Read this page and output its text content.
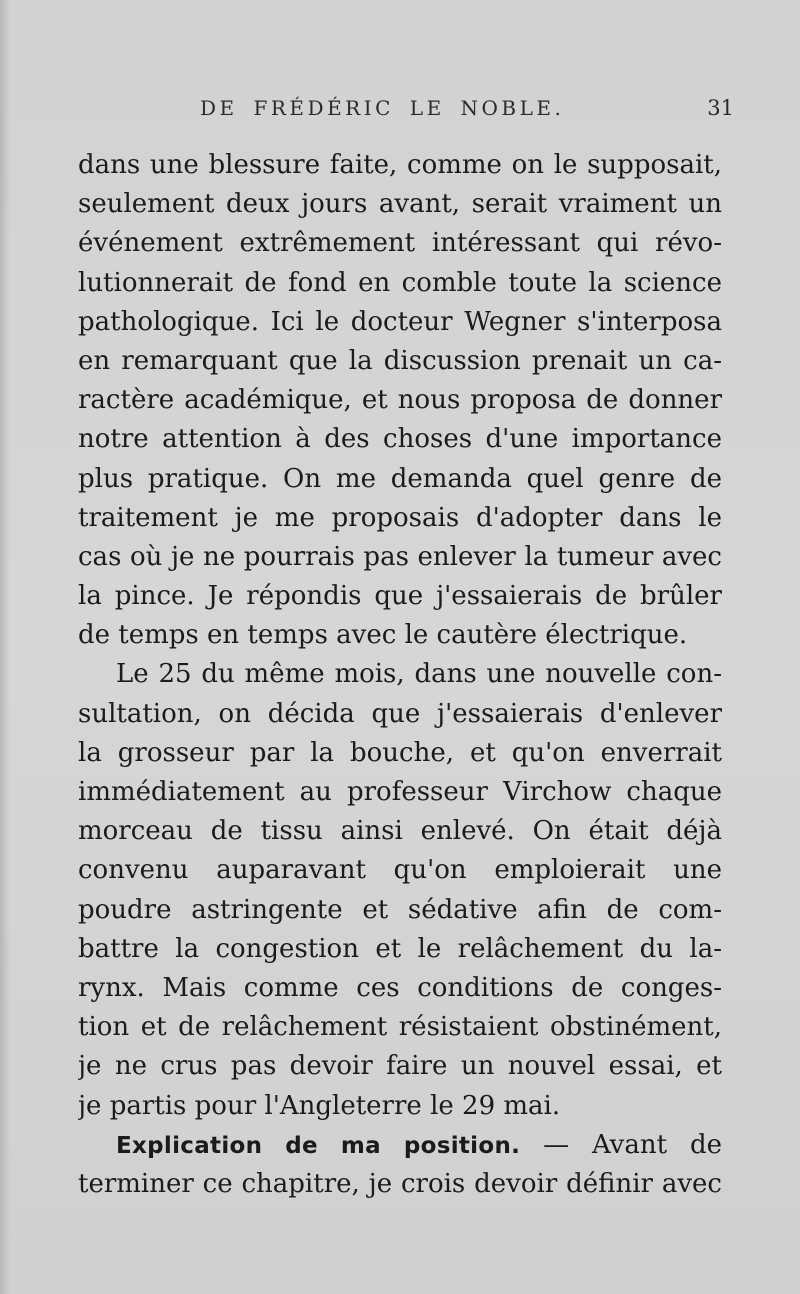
DE FRÉDÉRIC LE NOBLE.	31
dans une blessure faite, comme on le supposait,
seulement deux jours avant, serait vraiment un
événement extrêmement intéressant qui révo-
lutionnerait de fond en comble toute la science
pathologique. Ici le docteur Wegner s'interposa
en remarquant que la discussion prenait un ca-
ractère académique, et nous proposa de donner
notre attention à des choses d'une importance
plus pratique. On me demanda quel genre de
traitement je me proposais d'adopter dans le
cas où je ne pourrais pas enlever la tumeur avec
la pince. Je répondis que j'essaierais de brûler
de temps en temps avec le cautère électrique.
Le 25 du même mois, dans une nouvelle con-
sultation, on décida que j'essaierais d'enlever
la grosseur par la bouche, et qu'on enverrait
immédiatement au professeur Virchow chaque
morceau de tissu ainsi enlevé. On était déjà
convenu auparavant qu'on emploierait une
poudre astringente et sédative afin de com-
battre la congestion et le relâchement du la-
rynx. Mais comme ces conditions de conges-
tion et de relâchement résistaient obstinément,
je ne crus pas devoir faire un nouvel essai, et
je partis pour l'Angleterre le 29 mai.
Explication de ma position. — Avant de
terminer ce chapitre, je crois devoir définir avec
